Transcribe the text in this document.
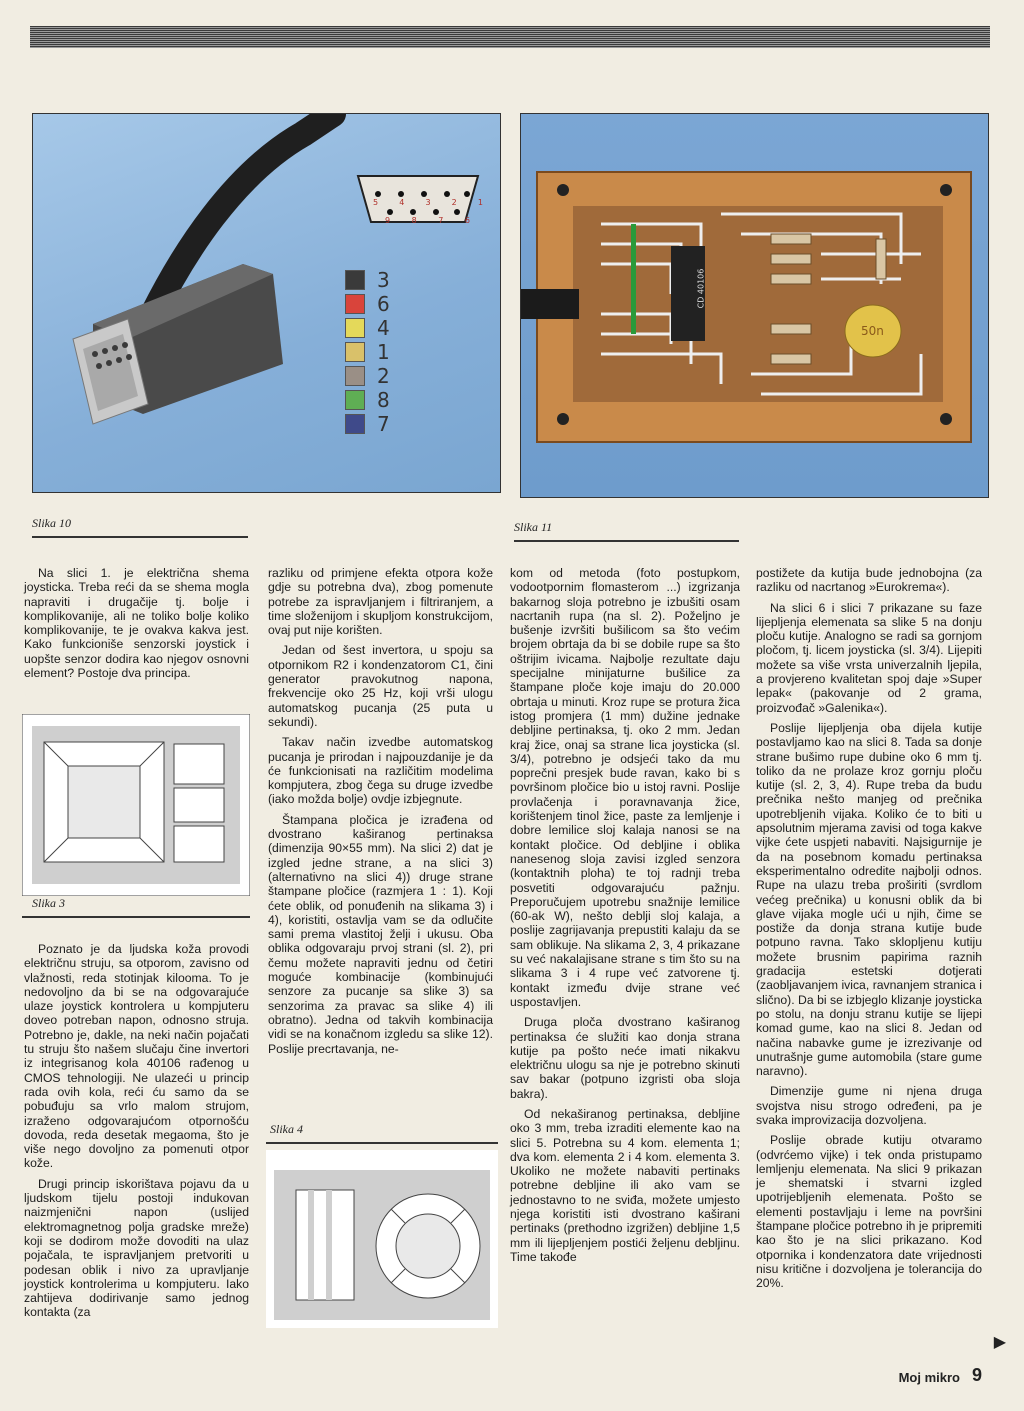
5	4	3	2	1
9	8	7	6
3
6
4
1
2
8
7
Slika 10
CD 40106
50n
Slika 11

Na slici 1. je električna shema joysticka. Treba reći da se shema mogla napraviti i drugačije tj. bolje i komplikovanije, ali ne toliko bolje koliko komplikovanije, te je ovakva kakva jest. Kako funkcioniše senzorski joystick i uopšte senzor dodira kao njegov osnovni element? Postoje dva principa.

Slika 3

Poznato je da ljudska koža provodi električnu struju, sa otporom, zavisno od vlažnosti, reda stotinjak kilooma. To je nedovoljno da bi se na odgovarajuće ulaze joystick kontrolera u kompjuteru doveo potreban napon, odnosno struja. Potrebno je, dakle, na neki način pojačati tu struju što našem slučaju čine invertori iz integrisanog kola 40106 rađenog u CMOS tehnologiji. Ne ulazeći u princip rada ovih kola, reći ću samo da se pobuđuju sa vrlo malom strujom, izraženo odgovarajućom otpornošću dovoda, reda desetak megaoma, što je više nego dovoljno za pomenuti otpor kože.

Drugi princip iskorištava pojavu da u ljudskom tijelu postoji indukovan naizmjenični napon (uslijed elektromagnetnog polja gradske mreže) koji se dodirom može dovoditi na ulaz pojačala, te ispravljanjem pretvoriti u podesan oblik i nivo za upravljanje joystick kontrolerima u kompjuteru. Iako zahtijeva dodirivanje samo jednog kontakta (za

razliku od primjene efekta otpora kože gdje su potrebna dva), zbog pomenute potrebe za ispravljanjem i filtriranjem, a time složenijom i skupljom konstrukcijom, ovaj put nije korišten.

Jedan od šest invertora, u spoju sa otpornikom R2 i kondenzatorom C1, čini generator pravokutnog napona, frekvencije oko 25 Hz, koji vrši ulogu automatskog pucanja (25 puta u sekundi).

Takav način izvedbe automatskog pucanja je prirodan i najpouzdanije je da će funkcionisati na različitim modelima kompjutera, zbog čega su druge izvedbe (iako možda bolje) ovdje izbjegnute.

Štampana pločica je izrađena od dvostrano kaširanog pertinaksa (dimenzija 90×55 mm). Na slici 2) dat je izgled jedne strane, a na slici 3) (alternativno na slici 4)) druge strane štampane pločice (razmjera 1 : 1). Koji ćete oblik, od ponuđenih na slikama 3) i 4), koristiti, ostavlja vam se da odlučite sami prema vlastitoj želji i ukusu. Oba oblika odgovaraju prvoj strani (sl. 2), pri čemu možete napraviti jednu od četiri moguće kombinacije (kombinujući senzore za pucanje sa slike 3) sa senzorima za pravac sa slike 4) ili obratno). Jedna od takvih kombinacija vidi se na konačnom izgledu sa slike 12). Poslije precrtavanja, ne-

Slika 4

kom od metoda (foto postupkom, vodootpornim flomasterom ...) izgrizanja bakarnog sloja potrebno je izbušiti osam nacrtanih rupa (na sl. 2). Poželjno je bušenje izvršiti bušilicom sa što većim brojem obrtaja da bi se dobile rupe sa što oštrijim ivicama. Najbolje rezultate daju specijalne minijaturne bušilice za štampane ploče koje imaju do 20.000 obrtaja u minuti. Kroz rupe se protura žica istog promjera (1 mm) dužine jednake debljine pertinaksa, tj. oko 2 mm. Jedan kraj žice, onaj sa strane lica joysticka (sl. 3/4), potrebno je odsjeći tako da mu poprečni presjek bude ravan, kako bi s površinom pločice bio u istoj ravni. Poslije provlačenja i poravnavanja žice, korištenjem tinol žice, paste za lemljenje i dobre lemilice sloj kalaja nanosi se na kontakt pločice. Od debljine i oblika nanesenog sloja zavisi izgled senzora (kontaktnih ploha) te toj radnji treba posvetiti odgovarajuću pažnju. Preporučujem upotrebu snažnije lemilice (60-ak W), nešto deblji sloj kalaja, a poslije zagrijavanja prepustiti kalaju da se sam oblikuje. Na slikama 2, 3, 4 prikazane su već nakalajisane strane s tim što su na slikama 3 i 4 rupe već zatvorene tj. kontakt između dvije strane već uspostavljen.

Druga ploča dvostrano kaširanog pertinaksa će služiti kao donja strana kutije pa pošto neće imati nikakvu električnu ulogu sa nje je potrebno skinuti sav bakar (potpuno izgristi oba sloja bakra).

Od nekaširanog pertinaksa, debljine oko 3 mm, treba izraditi elemente kao na slici 5. Potrebna su 4 kom. elementa 1; dva kom. elementa 2 i 4 kom. elementa 3. Ukoliko ne možete nabaviti pertinaks potrebne debljine ili ako vam se jednostavno to ne sviđa, možete umjesto njega koristiti isti dvostrano kaširani pertinaks (prethodno izgrižen) debljine 1,5 mm ili lijepljenjem postići željenu debljinu. Time takođe

postižete da kutija bude jednobojna (za razliku od nacrtanog »Eurokrema«).

Na slici 6 i slici 7 prikazane su faze lijepljenja elemenata sa slike 5 na donju ploču kutije. Analogno se radi sa gornjom pločom, tj. licem joysticka (sl. 3/4). Lijepiti možete sa više vrsta univerzalnih ljepila, a provjereno kvalitetan spoj daje »Super lepak« (pakovanje od 2 grama, proizvođač »Galenika«).

Poslije lijepljenja oba dijela kutije postavljamo kao na slici 8. Tada sa donje strane bušimo rupe dubine oko 6 mm tj. toliko da ne prolaze kroz gornju ploču kutije (sl. 2, 3, 4). Rupe treba da budu prečnika nešto manjeg od prečnika upotrebljenih vijaka. Koliko će to biti u apsolutnim mjerama zavisi od toga kakve vijke ćete uspjeti nabaviti. Najsigurnije je da na posebnom komadu pertinaksa eksperimentalno odredite najbolji odnos. Rupe na ulazu treba proširiti (svrdlom većeg prečnika) u konusni oblik da bi glave vijaka mogle ući u njih, čime se postiže da donja strana kutije bude potpuno ravna. Tako sklopljenu kutiju možete brusnim papirima raznih gradacija estetski dotjerati (zaobljavanjem ivica, ravnanjem stranica i slično). Da bi se izbjeglo klizanje joysticka po stolu, na donju stranu kutije se lijepi komad gume, kao na slici 8. Jedan od načina nabavke gume je izrezivanje od unutrašnje gume automobila (stare gume naravno).

Dimenzije gume ni njena druga svojstva nisu strogo određeni, pa je svaka improvizacija dozvoljena.

Poslije obrade kutiju otvaramo (odvrćemo vijke) i tek onda pristupamo lemljenju elemenata. Na slici 9 prikazan je shematski i stvarni izgled upotrijebljenih elemenata. Pošto se elementi postavljaju i leme na površini štampane pločice potrebno ih je pripremiti kao što je na slici prikazano. Kod otpornika i kondenzatora date vrijednosti nisu kritične i dozvoljena je tolerancija do 20%.

▶
Moj mikro 9
